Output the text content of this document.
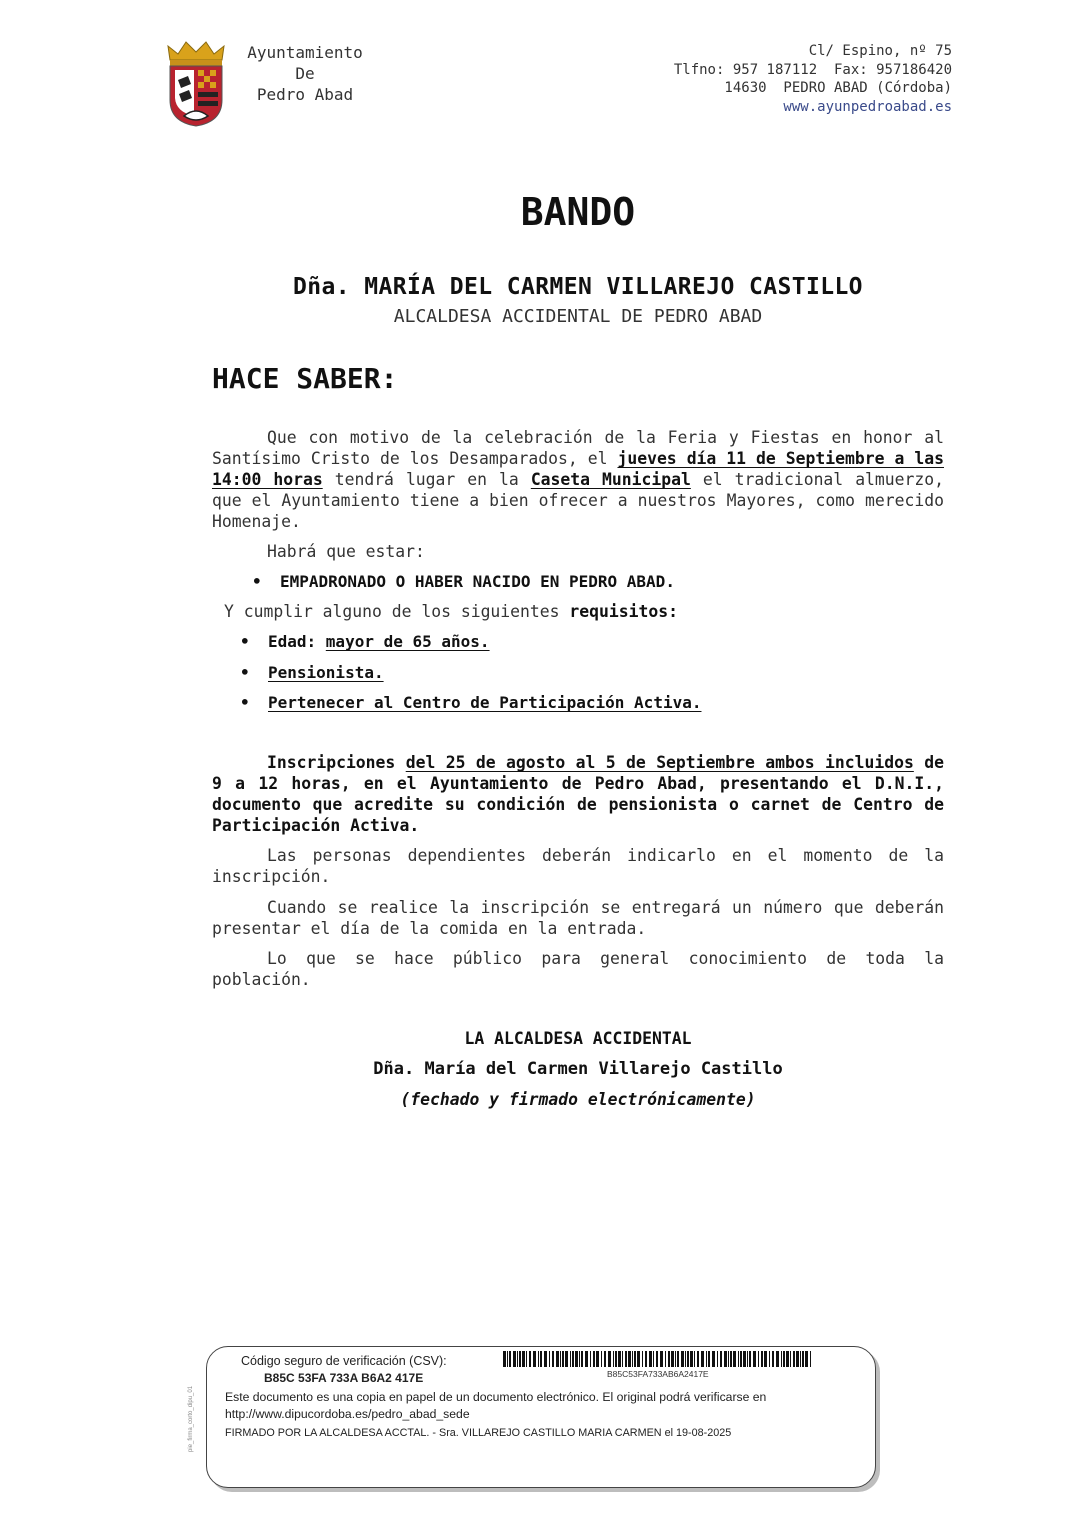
Ayuntamiento
De
Pedro Abad
Cl/ Espino, nº 75
Tlfno: 957 187112  Fax: 957186420
14630  PEDRO ABAD (Córdoba)
www.ayunpedroabad.es
BANDO
Dña. MARÍA DEL CARMEN VILLAREJO CASTILLO
ALCALDESA ACCIDENTAL DE PEDRO ABAD
HACE SABER:
Que con motivo de la celebración de la Feria y Fiestas en honor al Santísimo Cristo de los Desamparados, el jueves día 11 de Septiembre a las 14:00 horas tendrá lugar en la Caseta Municipal el tradicional almuerzo, que el Ayuntamiento tiene a bien ofrecer a nuestros Mayores, como merecido Homenaje.
Habrá que estar:
• EMPADRONADO O HABER NACIDO EN PEDRO ABAD.
Y cumplir alguno de los siguientes requisitos:
• Edad: mayor de 65 años.
• Pensionista.
• Pertenecer al Centro de Participación Activa.
Inscripciones del 25 de agosto al 5 de Septiembre ambos incluidos de 9 a 12 horas, en el Ayuntamiento de Pedro Abad, presentando el D.N.I., documento que acredite su condición de pensionista o carnet de Centro de Participación Activa.
Las personas dependientes deberán indicarlo en el momento de la inscripción.
Cuando se realice la inscripción se entregará un número que deberán presentar el día de la comida en la entrada.
Lo que se hace público para general conocimiento de toda la población.
LA ALCALDESA ACCIDENTAL
Dña. María del Carmen Villarejo Castillo
(fechado y firmado electrónicamente)
Código seguro de verificación (CSV):
B85C 53FA 733A B6A2 417E	B85C53FA733AB6A2417E
Este documento es una copia en papel de un documento electrónico. El original podrá verificarse en http://www.dipucordoba.es/pedro_abad_sede
FIRMADO POR LA ALCALDESA ACCTAL. - Sra. VILLAREJO CASTILLO MARIA CARMEN el 19-08-2025
pie_firma_corto_dipu_01
